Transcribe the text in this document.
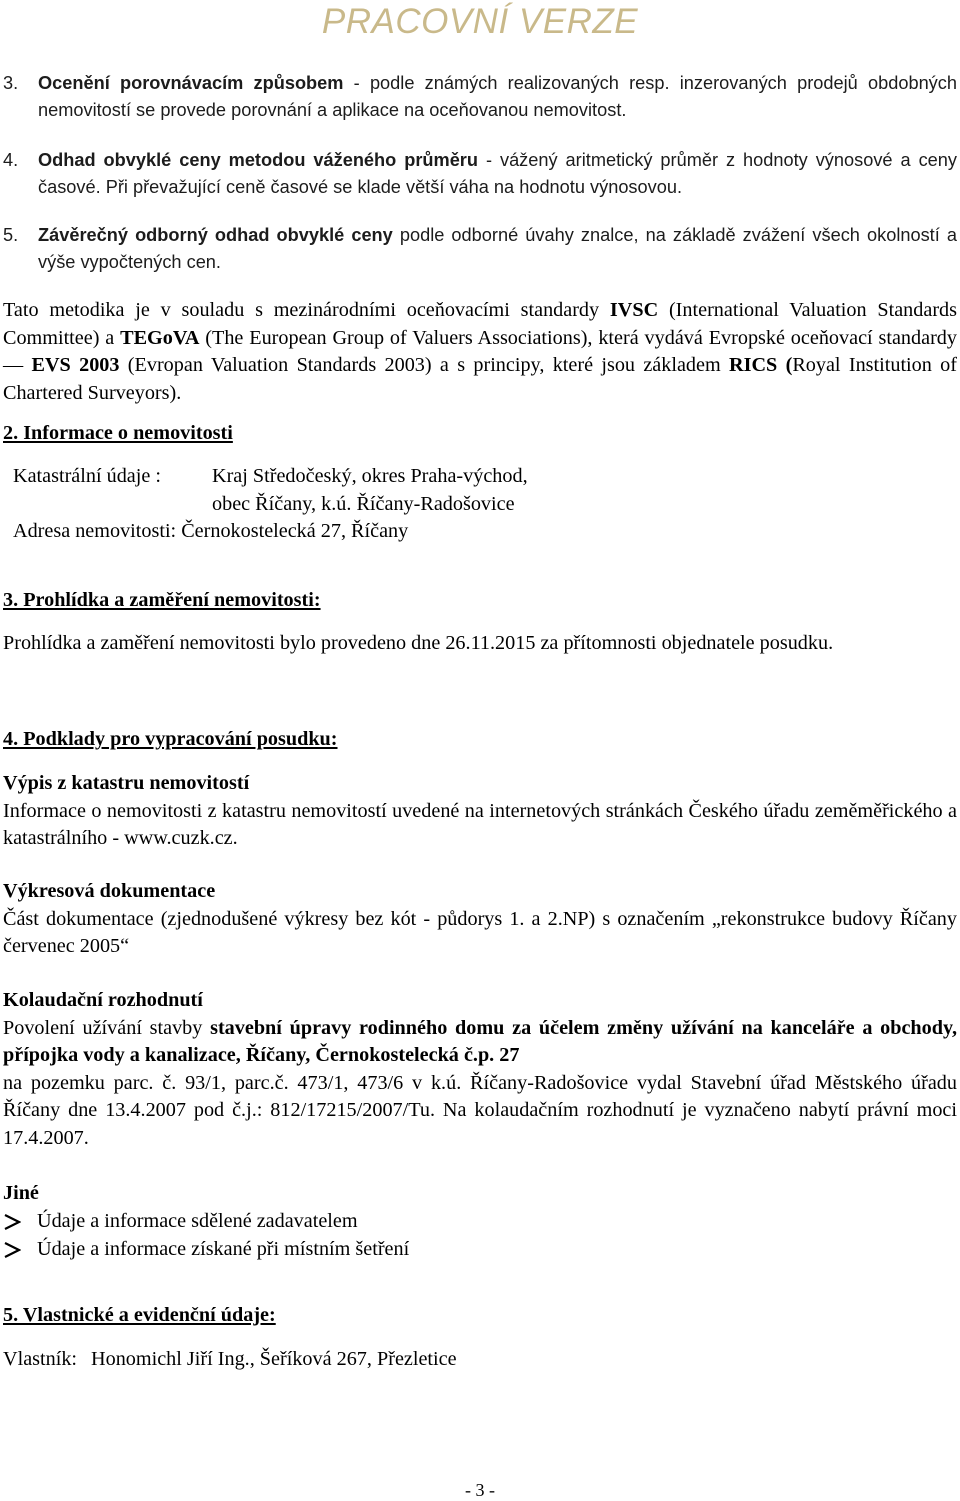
PRACOVNÍ VERZE
3.	Ocenění porovnávacím způsobem - podle známých realizovaných resp. inzerovaných prodejů obdobných nemovitostí se provede porovnání a aplikace na oceňovanou nemovitost.
4.	Odhad obvyklé ceny metodou váženého průměru - vážený aritmetický průměr z hodnoty výnosové a ceny časové. Při převažující ceně časové se klade větší váha na hodnotu výnosovou.
5.	Závěrečný odborný odhad obvyklé ceny podle odborné úvahy znalce, na základě zvážení všech okolností a výše vypočtených cen.
Tato metodika je v souladu s mezinárodními oceňovacími standardy IVSC (International Valuation Standards Committee) a TEGoVA (The European Group of Valuers Associations), která vydává Evropské oceňovací standardy — EVS 2003 (Evropan Valuation Standards 2003) a s principy, které jsou základem RICS (Royal Institution of Chartered Surveyors).
2. Informace o nemovitosti
Katastrální údaje :	Kraj Středočeský, okres Praha-východ,
obec Říčany, k.ú. Říčany-Radošovice
Adresa nemovitosti:
Černokostelecká 27, Říčany
3. Prohlídka a zaměření nemovitosti:
Prohlídka a zaměření nemovitosti bylo provedeno dne 26.11.2015 za přítomnosti objednatele posudku.
4. Podklady pro vypracování posudku:
Výpis z katastru nemovitostí
Informace o nemovitosti z katastru nemovitostí uvedené na internetových stránkách Českého úřadu zeměměřického a katastrálního - www.cuzk.cz.
Výkresová dokumentace
Část dokumentace (zjednodušené výkresy bez kót - půdorys 1. a 2.NP) s označením „rekonstrukce budovy Říčany červenec 2005“
Kolaudační rozhodnutí
Povolení užívání stavby stavební úpravy rodinného domu za účelem změny užívání na kanceláře a obchody, přípojka vody a kanalizace, Říčany, Černokostelecká č.p. 27
na pozemku parc. č. 93/1, parc.č. 473/1, 473/6 v k.ú. Říčany-Radošovice vydal Stavební úřad Městského úřadu Říčany dne 13.4.2007 pod č.j.: 812/17215/2007/Tu. Na kolaudačním rozhodnutí je vyznačeno nabytí právní moci 17.4.2007.
Jiné
Údaje a informace sdělené zadavatelem
Údaje a informace získané při místním šetření
5. Vlastnické a evidenční údaje:
Vlastník: Honomichl Jiří Ing., Šeříková 267, Přezletice
- 3 -
